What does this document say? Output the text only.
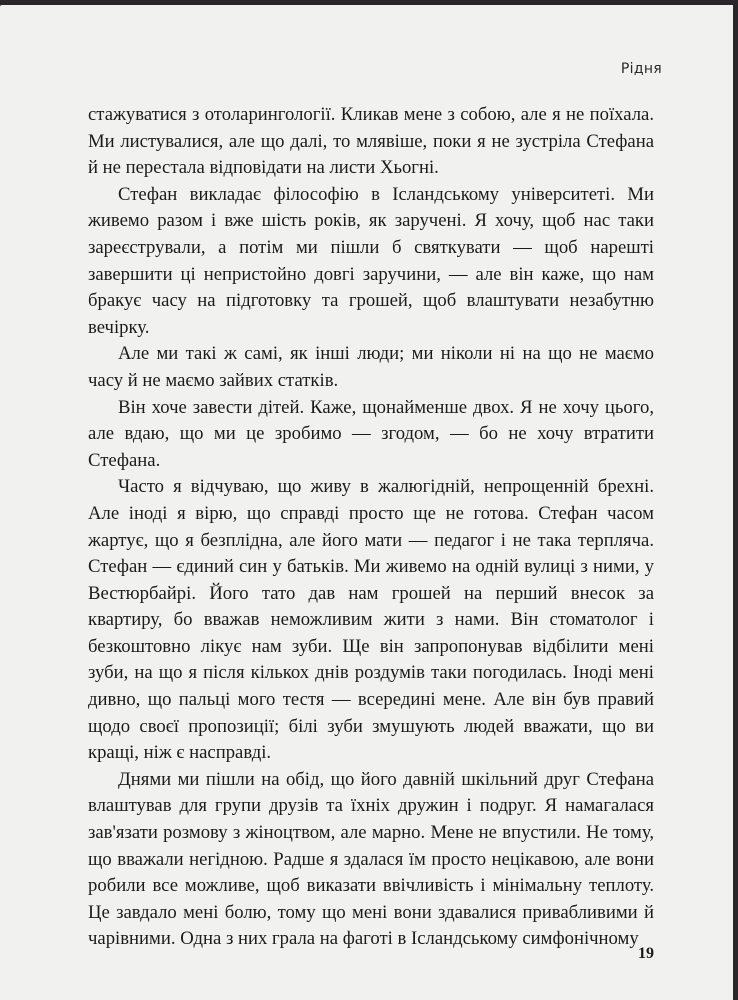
Рідня

стажуватися з отоларингології. Кликав мене з собою, але я не поїхала. Ми листувалися, але що далі, то млявіше, поки я не зустріла Стефана й не перестала відповідати на листи Хьогні.

Стефан викладає філософію в Ісландському університеті. Ми живемо разом і вже шість років, як заручені. Я хочу, щоб нас таки зареєстрували, а потім ми пішли б святкувати — щоб нарешті завершити ці непристойно довгі заручини, — але він каже, що нам бракує часу на підготовку та грошей, щоб влаштувати незабутню вечірку.

Але ми такі ж самі, як інші люди; ми ніколи ні на що не маємо часу й не маємо зайвих статків.

Він хоче завести дітей. Каже, щонайменше двох. Я не хочу цього, але вдаю, що ми це зробимо — згодом, — бо не хочу втратити Стефана.

Часто я відчуваю, що живу в жалюгідній, непрощенній брехні. Але іноді я вірю, що справді просто ще не готова. Стефан часом жартує, що я безплідна, але його мати — педагог і не така терпляча. Стефан — єдиний син у батьків. Ми живемо на одній вулиці з ними, у Вестюрбайрі. Його тато дав нам грошей на перший внесок за квартиру, бо вважав неможливим жити з нами. Він стоматолог і безкоштовно лікує нам зуби. Ще він запропонував відбілити мені зуби, на що я після кількох днів роздумів таки погодилась. Іноді мені дивно, що пальці мого тестя — всередині мене. Але він був правий щодо своєї пропозиції; білі зуби змушують людей вважати, що ви кращі, ніж є насправді.

Днями ми пішли на обід, що його давній шкільний друг Стефана влаштував для групи друзів та їхніх дружин і подруг. Я намагалася зав'язати розмову з жіноцтвом, але марно. Мене не впустили. Не тому, що вважали негідною. Радше я здалася їм просто нецікавою, але вони робили все можливе, щоб виказати ввічливість і мінімальну теплоту. Це завдало мені болю, тому що мені вони здавалися привабливими й чарівними. Одна з них грала на фаготі в Ісландському симфонічному

19
